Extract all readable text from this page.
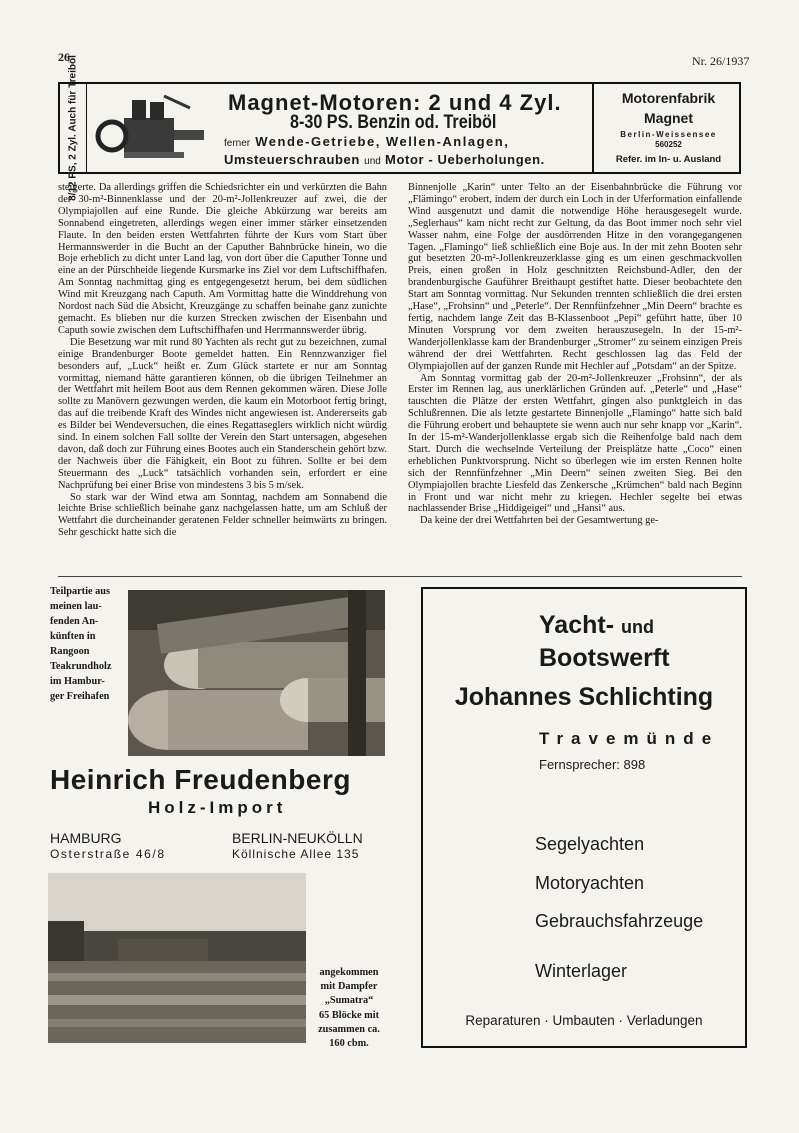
26	Nr. 26/1937
8/12 PS, 2 Zyl. Auch für Treiböl	Magnet-Motoren: 2 und 4 Zyl.
8-30 PS. Benzin od. Treiböl
ferner Wende-Getriebe, Wellen-Anlagen,
Umsteuerschrauben und Motor - Ueberholungen.
Motorenfabrik
Magnet
Berlin-Weissensee
560252
Refer. im In- u. Ausland

steigerte. Da allerdings griffen die Schiedsrichter ein und verkürzten die Bahn der 30-m²-Binnenklasse und der 20-m²-Jollenkreuzer auf zwei, die der Olympiajollen auf eine Runde. Die gleiche Abkürzung war bereits am Sonnabend eingetreten, allerdings wegen einer immer stärker einsetzenden Flaute. In den beiden ersten Wettfahrten führte der Kurs vom Start über Hermannswerder in die Bucht an der Caputher Bahnbrücke hinein, wo die Boje erheblich zu dicht unter Land lag, von dort über die Caputher Tonne und eine an der Pürschheide liegende Kursmarke ins Ziel vor dem Luftschiffhafen. Am Sonntag nachmittag ging es entgegengesetzt herum, bei dem südlichen Wind mit Kreuzgang nach Caputh. Am Vormittag hatte die Winddrehung von Nordost nach Süd die Absicht, Kreuzgänge zu schaffen beinahe ganz zunichte gemacht. Es blieben nur die kurzen Strecken zwischen der Eisenbahn und Caputh sowie zwischen dem Luftschiffhafen und Herrmannswerder übrig.

Die Besetzung war mit rund 80 Yachten als recht gut zu bezeichnen, zumal einige Brandenburger Boote gemeldet hatten. Ein Rennzwanziger fiel besonders auf, „Luck“ heißt er. Zum Glück startete er nur am Sonntag vormittag, niemand hätte garantieren können, ob die übrigen Teilnehmer an der Wettfahrt mit heilem Boot aus dem Rennen gekommen wären. Diese Jolle sollte zu Manövern gezwungen werden, die kaum ein Motorboot fertig bringt, das auf die treibende Kraft des Windes nicht angewiesen ist. Andererseits gab es Bilder bei Wendeversuchen, die eines Regattaseglers wirklich nicht würdig sind. In einem solchen Fall sollte der Verein den Start untersagen, abgesehen davon, daß doch zur Führung eines Bootes auch ein Standerschein gehört bzw. der Nachweis über die Fähigkeit, ein Boot zu führen. Sollte er bei dem Steuermann des „Luck“ tatsächlich vorhanden sein, erfordert er eine Nachprüfung bei einer Brise von mindestens 3 bis 5 m/sek.

So stark war der Wind etwa am Sonntag, nachdem am Sonnabend die leichte Brise schließlich beinahe ganz nachgelassen hatte, um am Schluß der Wettfahrt die durcheinander geratenen Felder schneller heimwärts zu bringen. Sehr geschickt hatte sich die

Binnenjolle „Karin“ unter Telto an der Eisenbahnbrücke die Führung vor „Flämingo“ erobert, indem der durch ein Loch in der Uferformation einfallende Wind ausgenutzt und damit die notwendige Höhe herausgesegelt wurde. „Seglerhaus“ kam nicht recht zur Geltung, da das Boot immer noch sehr viel Wasser nahm, eine Folge der ausdörrenden Hitze in den vorangegangenen Tagen. „Flamingo“ ließ schließlich eine Boje aus. In der mit zehn Booten sehr gut besetzten 20-m²-Jollenkreuzerklasse ging es um einen geschmackvollen Preis, einen großen in Holz geschnitzten Reichsbund-Adler, den der brandenburgische Gauführer Breithaupt gestiftet hatte. Dieser beobachtete den Start am Sonntag vormittag. Nur Sekunden trennten schließlich die drei ersten „Hase“, „Frohsinn“ und „Peterle“. Der Rennfünfzehner „Min Deern“ brachte es fertig, nachdem lange Zeit das B-Klassenboot „Pepi“ geführt hatte, über 10 Minuten Vorsprung vor dem zweiten herauszusegeln. In der 15-m²-Wanderjollenklasse kam der Brandenburger „Stromer“ zu seinem einzigen Preis während der drei Wettfahrten. Recht geschlossen lag das Feld der Olympiajollen auf der ganzen Runde mit Hechler auf „Potsdam“ an der Spitze.

Am Sonntag vormittag gab der 20-m²-Jollenkreuzer „Frohsinn“, der als Erster im Rennen lag, aus unerklärlichen Gründen auf. „Peterle“ und „Hase“ tauschten die Plätze der ersten Wettfahrt, gingen also punktgleich in das Schlußrennen. Die als letzte gestartete Binnenjolle „Flamingo“ hatte sich bald die Führung erobert und behauptete sie wenn auch nur sehr knapp vor „Karin“. In der 15-m²-Wanderjollenklasse ergab sich die Reihenfolge bald nach dem Start. Durch die wechselnde Verteilung der Preisplätze hatte „Coco“ einen erheblichen Punktvorsprung. Nicht so überlegen wie im ersten Rennen holte sich der Rennfünfzehner „Min Deern“ seinen zweiten Sieg. Bei den Olympiajollen brachte Liesfeld das Zenkersche „Krümchen“ bald nach Beginn in Front und war nicht mehr zu kriegen. Hechler segelte bei etwas nachlassender Brise „Hiddigeigei“ und „Hansi“ aus.

Da keine der drei Wettfahrten bei der Gesamtwertung ge-

Teilpartie aus
meinen lau-
fenden An-
künften in
Rangoon
Teakrundholz
im Hambur-
ger Freihafen
Heinrich Freudenberg
Holz-Import
HAMBURG
Osterstraße 46/8
BERLIN-NEUKÖLLN
Köllnische Allee 135
angekommen
mit Dampfer
„Sumatra“
65 Blöcke mit
zusammen ca.
160 cbm.
Yacht- und
Bootswerft
Johannes Schlichting
Travemünde
Fernsprecher: 898
Segelyachten
Motoryachten
Gebrauchsfahrzeuge
Winterlager
Reparaturen · Umbauten · Verladungen
